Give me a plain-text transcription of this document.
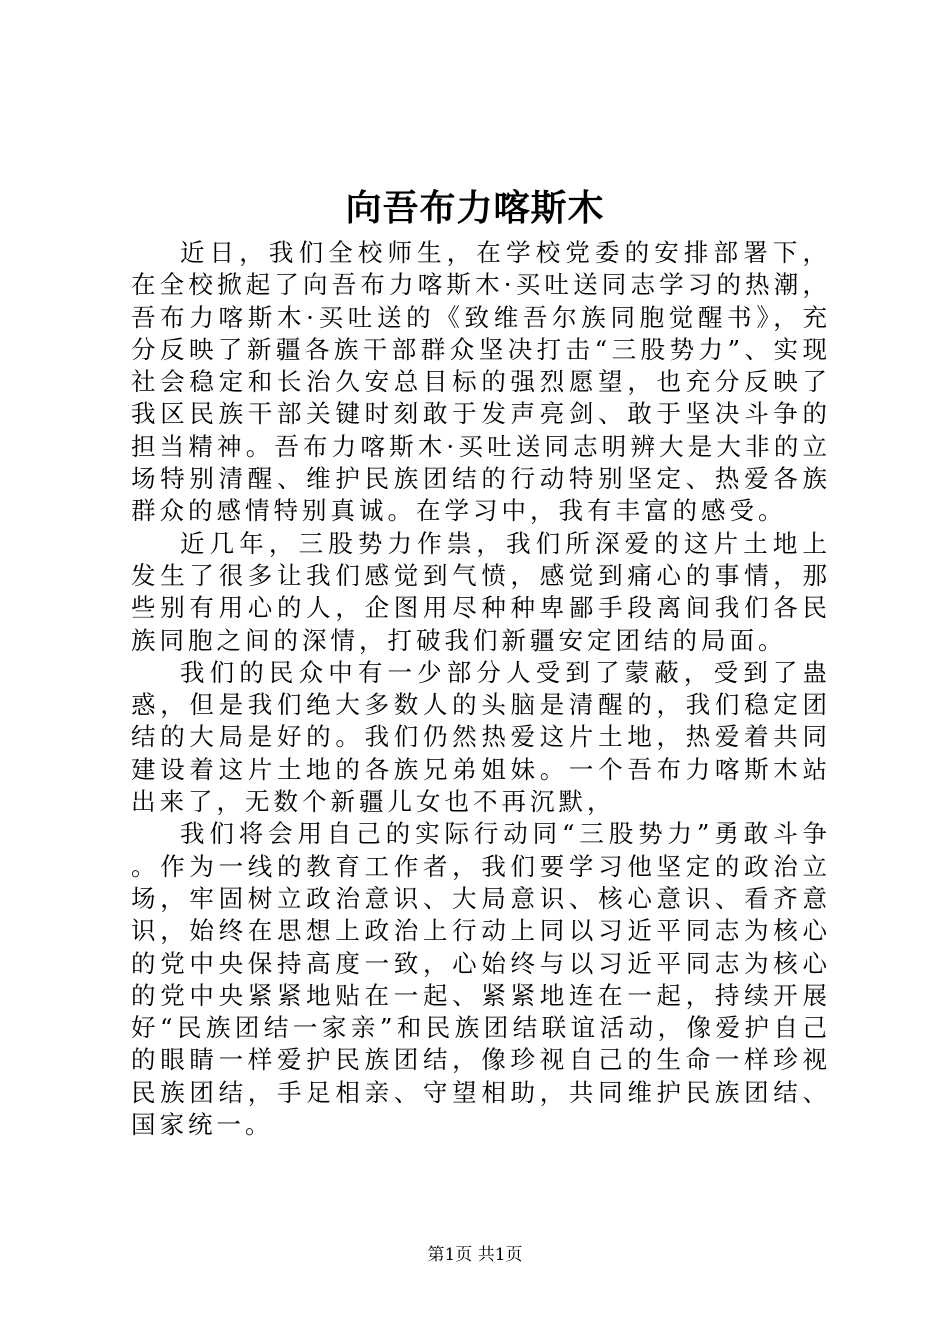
向吾布力喀斯木

近日，我们全校师生，在学校党委的安排部署下，在全校掀起了向吾布力喀斯木·买吐送同志学习的热潮，吾布力喀斯木·买吐送的《致维吾尔族同胞觉醒书》，充分反映了新疆各族干部群众坚决打击“三股势力”、实现社会稳定和长治久安总目标的强烈愿望，也充分反映了我区民族干部关键时刻敢于发声亮剑、敢于坚决斗争的担当精神。吾布力喀斯木·买吐送同志明辨大是大非的立场特别清醒、维护民族团结的行动特别坚定、热爱各族群众的感情特别真诚。在学习中，我有丰富的感受。

近几年，三股势力作祟，我们所深爱的这片土地上发生了很多让我们感觉到气愤，感觉到痛心的事情，那些别有用心的人，企图用尽种种卑鄙手段离间我们各民族同胞之间的深情，打破我们新疆安定团结的局面。

我们的民众中有一少部分人受到了蒙蔽，受到了蛊惑，但是我们绝大多数人的头脑是清醒的，我们稳定团结的大局是好的。我们仍然热爱这片土地，热爱着共同建设着这片土地的各族兄弟姐妹。一个吾布力喀斯木站出来了，无数个新疆儿女也不再沉默，

我们将会用自己的实际行动同“三股势力”勇敢斗争。作为一线的教育工作者，我们要学习他坚定的政治立场，牢固树立政治意识、大局意识、核心意识、看齐意识，始终在思想上政治上行动上同以习近平同志为核心的党中央保持高度一致，心始终与以习近平同志为核心的党中央紧紧地贴在一起、紧紧地连在一起，持续开展好“民族团结一家亲”和民族团结联谊活动，像爱护自己的眼睛一样爱护民族团结，像珍视自己的生命一样珍视民族团结，手足相亲、守望相助，共同维护民族团结、国家统一。

第1页 共1页
